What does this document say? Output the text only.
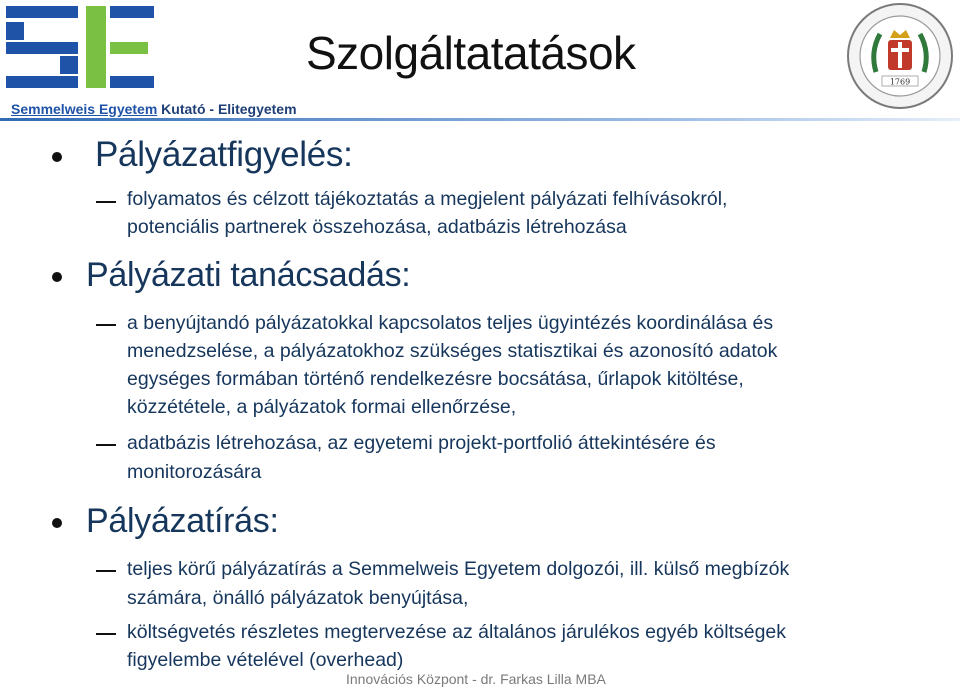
Semmelweis Egyetem Kutató - Elitegyetem
Szolgáltatatások
1769
Pályázatfigyelés:
folyamatos és célzott tájékoztatás a megjelent pályázati felhívásokról,
potenciális partnerek összehozása, adatbázis létrehozása
Pályázati tanácsadás:
a benyújtandó pályázatokkal kapcsolatos teljes ügyintézés koordinálása és
menedzselése, a pályázatokhoz szükséges statisztikai és azonosító adatok
egységes formában történő rendelkezésre bocsátása, űrlapok kitöltése,
közzététele, a pályázatok formai ellenőrzése,
adatbázis létrehozása, az egyetemi projekt-portfolió áttekintésére és
monitorozására
Pályázatírás:
teljes körű pályázatírás a Semmelweis Egyetem dolgozói, ill. külső megbízók
számára, önálló pályázatok benyújtása,
költségvetés részletes megtervezése az általános járulékos egyéb költségek
figyelembe vételével (overhead)
Innovációs Központ - dr. Farkas Lilla MBA
